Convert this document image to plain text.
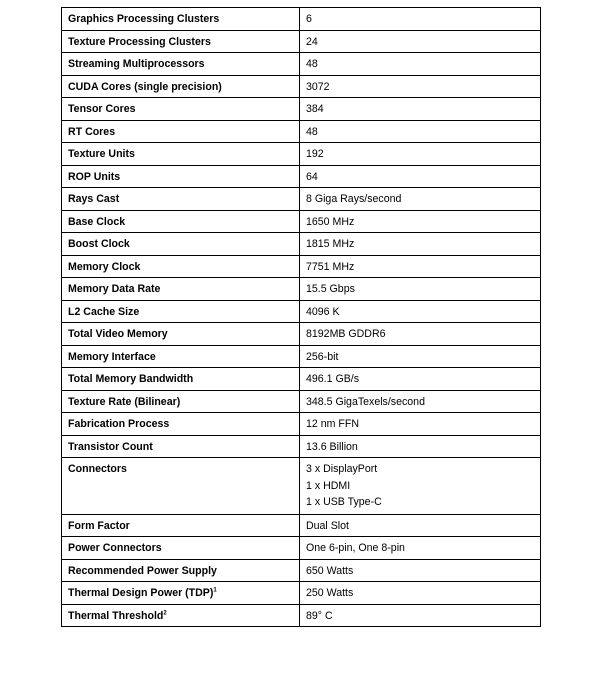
Graphics Processing Clusters	6
Texture Processing Clusters	24
Streaming Multiprocessors	48
CUDA Cores (single precision)	3072
Tensor Cores	384
RT Cores	48
Texture Units	192
ROP Units	64
Rays Cast	8 Giga Rays/second
Base Clock	1650 MHz
Boost Clock	1815 MHz
Memory Clock	7751 MHz
Memory Data Rate	15.5 Gbps
L2 Cache Size	4096 K
Total Video Memory	8192MB GDDR6
Memory Interface	256-bit
Total Memory Bandwidth	496.1 GB/s
Texture Rate (Bilinear)	348.5 GigaTexels/second
Fabrication Process	12 nm FFN
Transistor Count	13.6 Billion
Connectors	3 x DisplayPort
1 x HDMI
1 x USB Type-C

Form Factor	Dual Slot
Power Connectors	One 6-pin, One 8-pin
Recommended Power Supply	650 Watts
Thermal Design Power (TDP)$^1$	250 Watts
Thermal Threshold$^2$	89° C
